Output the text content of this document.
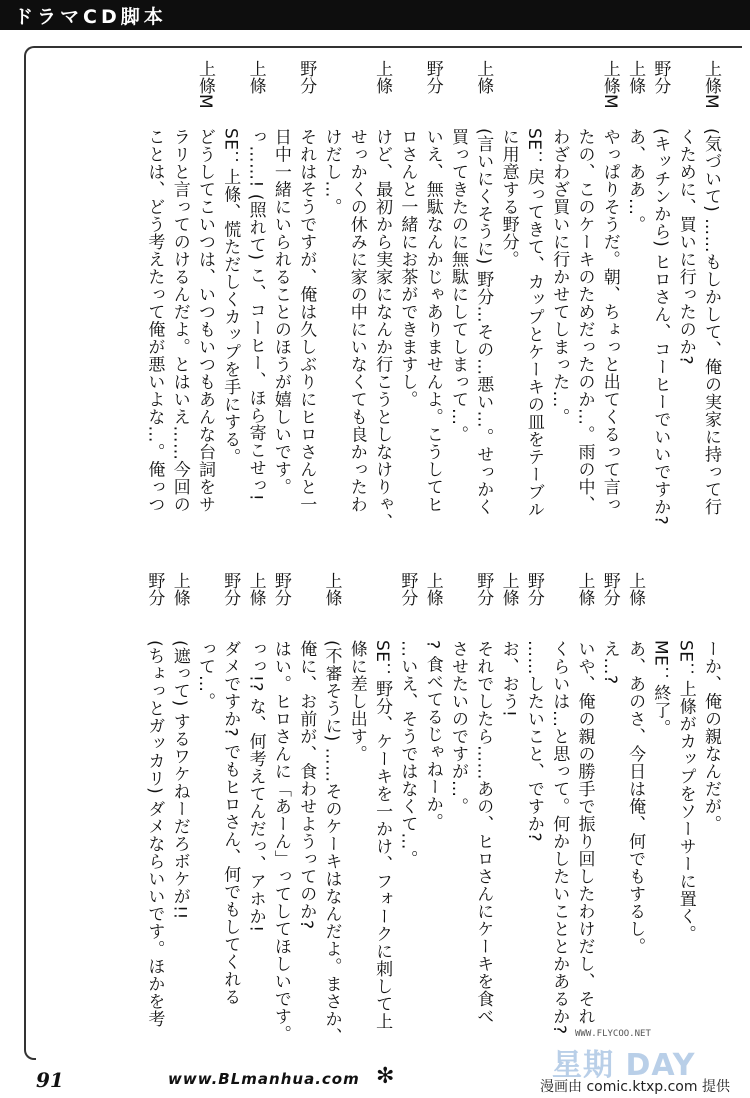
ドラマCD脚本
上條M
(気づいて) ……もしかして、俺の実家に持って行
くために、買いに行ったのか?
野分
(キッチンから) ヒロさん、コーヒーでいいですか?
上條
あ、ああ…。
上條M
やっぱりそうだ。朝、ちょっと出てくるって言っ
たの、このケーキのためだったのか…。雨の中、
わざわざ買いに行かせてしまった…。
SE：戻ってきて、カップとケーキの皿をテーブル
に用意する野分。
上條
(言いにくそうに) 野分…その…悪い…。せっかく
買ってきたのに無駄にしてしまって…。
野分
いえ、無駄なんかじゃありませんよ。こうしてヒ
ロさんと一緒にお茶ができますし。
上條
けど、最初から実家になんか行こうとしなけりゃ、
せっかくの休みに家の中にいなくても良かったわ
けだし…。
野分
それはそうですが、俺は久しぶりにヒロさんと一
日中一緒にいられることのほうが嬉しいです。
上條
っ……! (照れて) こ、コーヒー、ほら寄こせっ!
SE：上條、慌ただしくカップを手にする。
上條M
どうしてこいつは、いつもいつもあんな台詞をサ
ラリと言ってのけるんだよ。とはいえ……今回の
ことは、どう考えたって俺が悪いよな…。俺っつ
ーか、俺の親なんだが。
SE：上條がカップをソーサーに置く。
ME：終了。
上條
あ、あのさ、今日は俺、何でもするし。
野分
え…?
上條
いや、俺の親の勝手で振り回したわけだし、それ
くらいは…と思って。何かしたいこととかあるか?
野分
……したいこと、ですか?
上條
お、おう!
野分
それでしたら……あの、ヒロさんにケーキを食べ
させたいのですが…。
上條
? 食べてるじゃねーか。
野分
…いえ、そうではなくて…。
SE：野分、ケーキを一かけ、フォークに刺して上
條に差し出す。
上條
(不審そうに) ……そのケーキはなんだよ。まさか、
俺に、お前が、食わせようってのか?
野分
はい。ヒロさんに「あーん」ってしてほしいです。
上條
っっ!? な、何考えてんだっ、アホか!
野分
ダメですか? でもヒロさん、何でもしてくれる
って…。
上條
(遮って) するワケねーだろボケが!!
野分
(ちょっとガッカリ) ダメならいいです。ほかを考
91	www.BLmanhua.com ✻
WWW.FLYCOO.NET
星期 DAY
漫画由 comic.ktxp.com 提供
